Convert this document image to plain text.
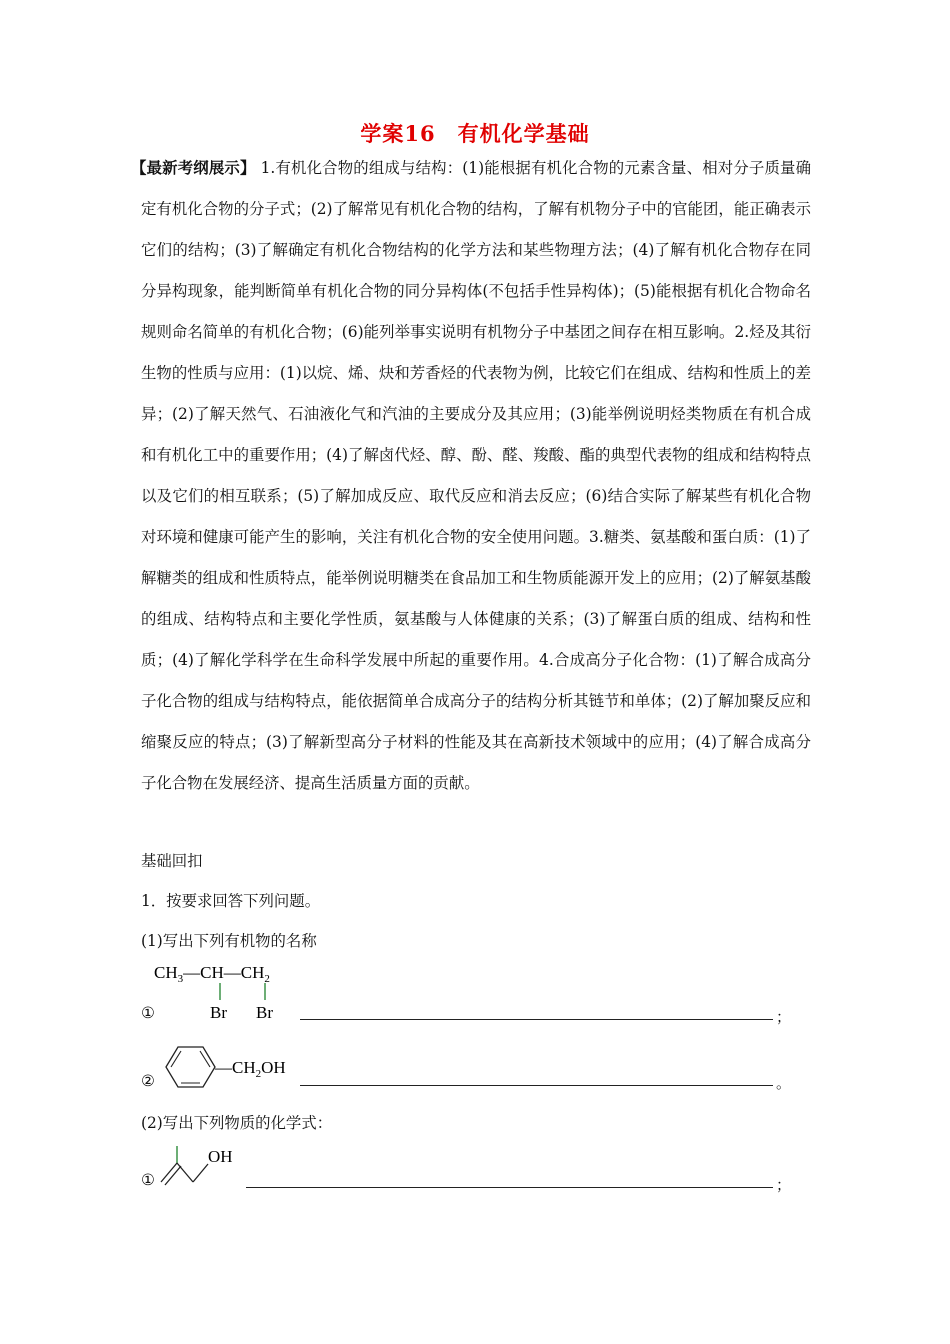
学案16　有机化学基础

【最新考纲展示】 1.有机化合物的组成与结构：(1)能根据有机化合物的元素含量、相对分子质量确定有机化合物的分子式；(2)了解常见有机化合物的结构，了解有机物分子中的官能团，能正确表示它们的结构；(3)了解确定有机化合物结构的化学方法和某些物理方法；(4)了解有机化合物存在同分异构现象，能判断简单有机化合物的同分异构体(不包括手性异构体)；(5)能根据有机化合物命名规则命名简单的有机化合物；(6)能列举事实说明有机物分子中基团之间存在相互影响。2.烃及其衍生物的性质与应用：(1)以烷、烯、炔和芳香烃的代表物为例，比较它们在组成、结构和性质上的差异；(2)了解天然气、石油液化气和汽油的主要成分及其应用；(3)能举例说明烃类物质在有机合成和有机化工中的重要作用；(4)了解卤代烃、醇、酚、醛、羧酸、酯的典型代表物的组成和结构特点以及它们的相互联系；(5)了解加成反应、取代反应和消去反应；(6)结合实际了解某些有机化合物对环境和健康可能产生的影响，关注有机化合物的安全使用问题。3.糖类、氨基酸和蛋白质：(1)了解糖类的组成和性质特点，能举例说明糖类在食品加工和生物质能源开发上的应用；(2)了解氨基酸的组成、结构特点和主要化学性质，氨基酸与人体健康的关系；(3)了解蛋白质的组成、结构和性质；(4)了解化学科学在生命科学发展中所起的重要作用。4.合成高分子化合物：(1)了解合成高分子化合物的组成与结构特点，能依据简单合成高分子的结构分析其链节和单体；(2)了解加聚反应和缩聚反应的特点；(3)了解新型高分子材料的性能及其在高新技术领域中的应用；(4)了解合成高分子化合物在发展经济、提高生活质量方面的贡献。

基础回扣
1．按要求回答下列问题。
(1)写出下列有机物的名称
$CH_3—CH—CH_2$
Br Br
①	；
$—CH_2OH$
②	。
(2)写出下列物质的化学式：
OH
①	；
